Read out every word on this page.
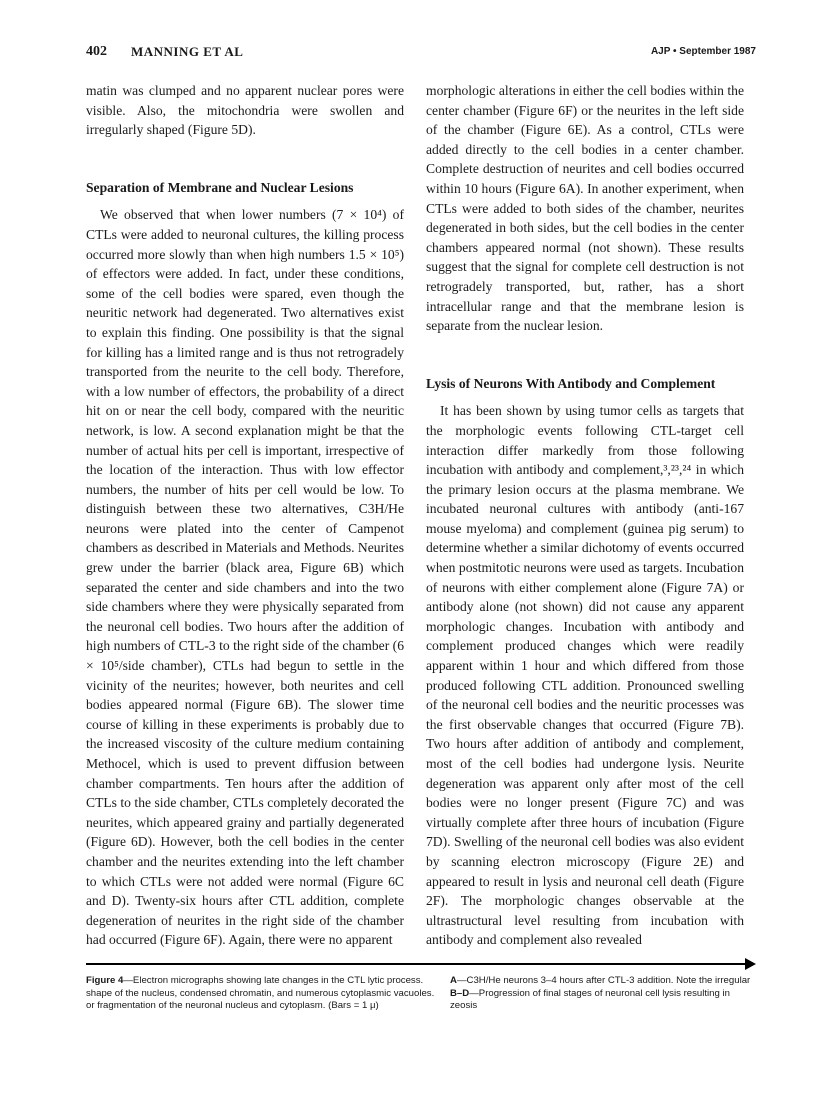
402 MANNING ET AL	AJP • September 1987

matin was clumped and no apparent nuclear pores were visible. Also, the mitochondria were swollen and irregularly shaped (Figure 5D).

Separation of Membrane and Nuclear Lesions

We observed that when lower numbers (7 × 10⁴) of CTLs were added to neuronal cultures, the killing process occurred more slowly than when high numbers 1.5 × 10⁵) of effectors were added. In fact, under these conditions, some of the cell bodies were spared, even though the neuritic network had degenerated. Two alternatives exist to explain this finding. One possibility is that the signal for killing has a limited range and is thus not retrogradely transported from the neurite to the cell body. Therefore, with a low number of effectors, the probability of a direct hit on or near the cell body, compared with the neuritic network, is low. A second explanation might be that the number of actual hits per cell is important, irrespective of the location of the interaction. Thus with low effector numbers, the number of hits per cell would be low. To distinguish between these two alternatives, C3H/He neurons were plated into the center of Campenot chambers as described in Materials and Methods. Neurites grew under the barrier (black area, Figure 6B) which separated the center and side chambers and into the two side chambers where they were physically separated from the neuronal cell bodies. Two hours after the addition of high numbers of CTL-3 to the right side of the chamber (6 × 10⁵/side chamber), CTLs had begun to settle in the vicinity of the neurites; however, both neurites and cell bodies appeared normal (Figure 6B). The slower time course of killing in these experiments is probably due to the increased viscosity of the culture medium containing Methocel, which is used to prevent diffusion between chamber compartments. Ten hours after the addition of CTLs to the side chamber, CTLs completely decorated the neurites, which appeared grainy and partially degenerated (Figure 6D). However, both the cell bodies in the center chamber and the neurites extending into the left chamber to which CTLs were not added were normal (Figure 6C and D). Twenty-six hours after CTL addition, complete degeneration of neurites in the right side of the chamber had occurred (Figure 6F). Again, there were no apparent

morphologic alterations in either the cell bodies within the center chamber (Figure 6F) or the neurites in the left side of the chamber (Figure 6E). As a control, CTLs were added directly to the cell bodies in a center chamber. Complete destruction of neurites and cell bodies occurred within 10 hours (Figure 6A). In another experiment, when CTLs were added to both sides of the chamber, neurites degenerated in both sides, but the cell bodies in the center chambers appeared normal (not shown). These results suggest that the signal for complete cell destruction is not retrogradely transported, but, rather, has a short intracellular range and that the membrane lesion is separate from the nuclear lesion.

Lysis of Neurons With Antibody and Complement

It has been shown by using tumor cells as targets that the morphologic events following CTL-target cell interaction differ markedly from those following incubation with antibody and complement,³,²³,²⁴ in which the primary lesion occurs at the plasma membrane. We incubated neuronal cultures with antibody (anti-167 mouse myeloma) and complement (guinea pig serum) to determine whether a similar dichotomy of events occurred when postmitotic neurons were used as targets. Incubation of neurons with either complement alone (Figure 7A) or antibody alone (not shown) did not cause any apparent morphologic changes. Incubation with antibody and complement produced changes which were readily apparent within 1 hour and which differed from those produced following CTL addition. Pronounced swelling of the neuronal cell bodies and the neuritic processes was the first observable changes that occurred (Figure 7B). Two hours after addition of antibody and complement, most of the cell bodies had undergone lysis. Neurite degeneration was apparent only after most of the cell bodies were no longer present (Figure 7C) and was virtually complete after three hours of incubation (Figure 7D). Swelling of the neuronal cell bodies was also evident by scanning electron microscopy (Figure 2E) and appeared to result in lysis and neuronal cell death (Figure 2F). The morphologic changes observable at the ultrastructural level resulting from incubation with antibody and complement also revealed

Figure 4—Electron micrographs showing late changes in the CTL lytic process. shape of the nucleus, condensed chromatin, and numerous cytoplasmic vacuoles. or fragmentation of the neuronal nucleus and cytoplasm. (Bars = 1 μ)
A—C3H/He neurons 3–4 hours after CTL-3 addition. Note the irregular
B–D—Progression of final stages of neuronal cell lysis resulting in zeosis
